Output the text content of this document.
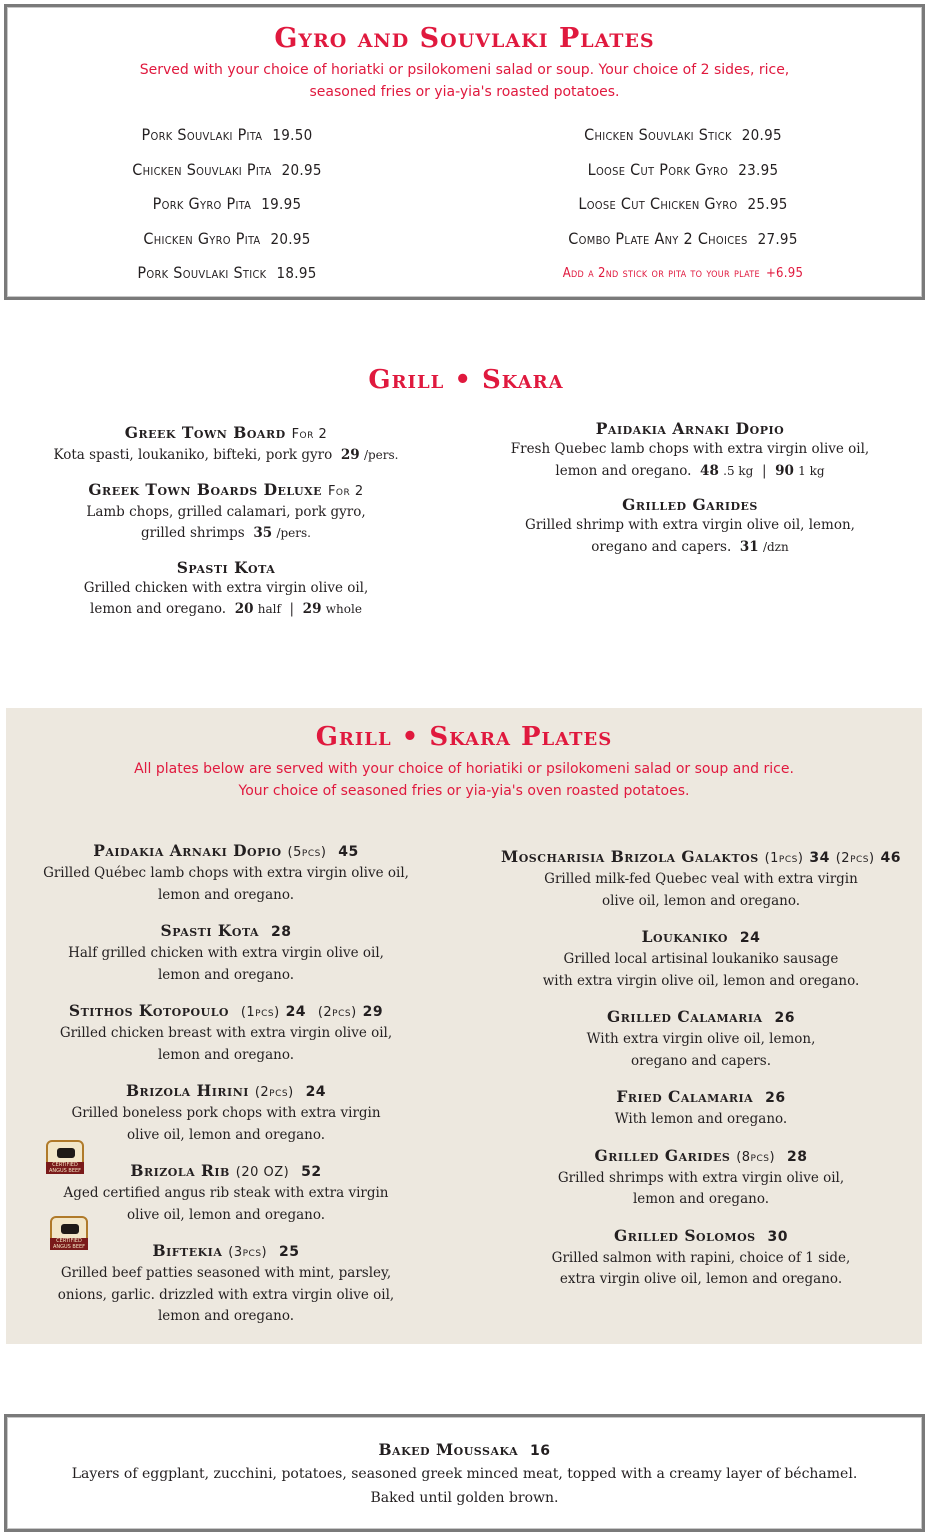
Gyro and Souvlaki Plates

Served with your choice of horiatki or psilokomeni salad or soup. Your choice of 2 sides, rice, seasoned fries or yia-yia's roasted potatoes.

Pork Souvlaki Pita 19.50
Chicken Souvlaki Pita 20.95
Pork Gyro Pita 19.95
Chicken Gyro Pita 20.95
Pork Souvlaki Stick 18.95
Chicken Souvlaki Stick 20.95
Loose Cut Pork Gyro 23.95
Loose Cut Chicken Gyro 25.95
Combo Plate Any 2 Choices 27.95
Add a 2nd stick or pita to your plate +6.95
Grill • Skara
Greek Town Board For 2
Kota spasti, loukaniko, bifteki, pork gyro 29 /pers.
Greek Town Boards Deluxe For 2
Lamb chops, grilled calamari, pork gyro,
grilled shrimps 35 /pers.
Spasti Kota
Grilled chicken with extra virgin olive oil,
lemon and oregano. 20 half  |  29 whole
Paidakia Arnaki Dopio
Fresh Quebec lamb chops with extra virgin olive oil,
lemon and oregano. 48 .5 kg  |  90 1 kg
Grilled Garides
Grilled shrimp with extra virgin olive oil, lemon,
oregano and capers. 31 /dzn
Grill • Skara Plates
All plates below are served with your choice of horiatiki or psilokomeni salad or soup and rice.
Your choice of seasoned fries or yia-yia's oven roasted potatoes.
Paidakia Arnaki Dopio (5pcs) 45
Grilled Québec lamb chops with extra virgin olive oil,
lemon and oregano.
Spasti Kota 28
Half grilled chicken with extra virgin olive oil,
lemon and oregano.
Stithos Kotopoulo (1pcs) 24 (2pcs) 29
Grilled chicken breast with extra virgin olive oil,
lemon and oregano.
Brizola Hirini (2pcs) 24
Grilled boneless pork chops with extra virgin
olive oil, lemon and oregano.
CERTIFIED ANGUS BEEF	Brizola Rib (20 OZ) 52
Aged certified angus rib steak with extra virgin
olive oil, lemon and oregano.
CERTIFIED ANGUS BEEF	Biftekia (3pcs) 25
Grilled beef patties seasoned with mint, parsley,
onions, garlic. drizzled with extra virgin olive oil,
lemon and oregano.
Moscharisia Brizola Galaktos (1pcs) 34 (2pcs) 46
Grilled milk-fed Quebec veal with extra virgin
olive oil, lemon and oregano.
Loukaniko 24
Grilled local artisinal loukaniko sausage
with extra virgin olive oil, lemon and oregano.
Grilled Calamaria 26
With extra virgin olive oil, lemon,
oregano and capers.
Fried Calamaria 26
With lemon and oregano.
Grilled Garides (8pcs) 28
Grilled shrimps with extra virgin olive oil,
lemon and oregano.
Grilled Solomos 30
Grilled salmon with rapini, choice of 1 side,
extra virgin olive oil, lemon and oregano.
Baked Moussaka 16
Layers of eggplant, zucchini, potatoes, seasoned greek minced meat, topped with a creamy layer of béchamel.
Baked until golden brown.
